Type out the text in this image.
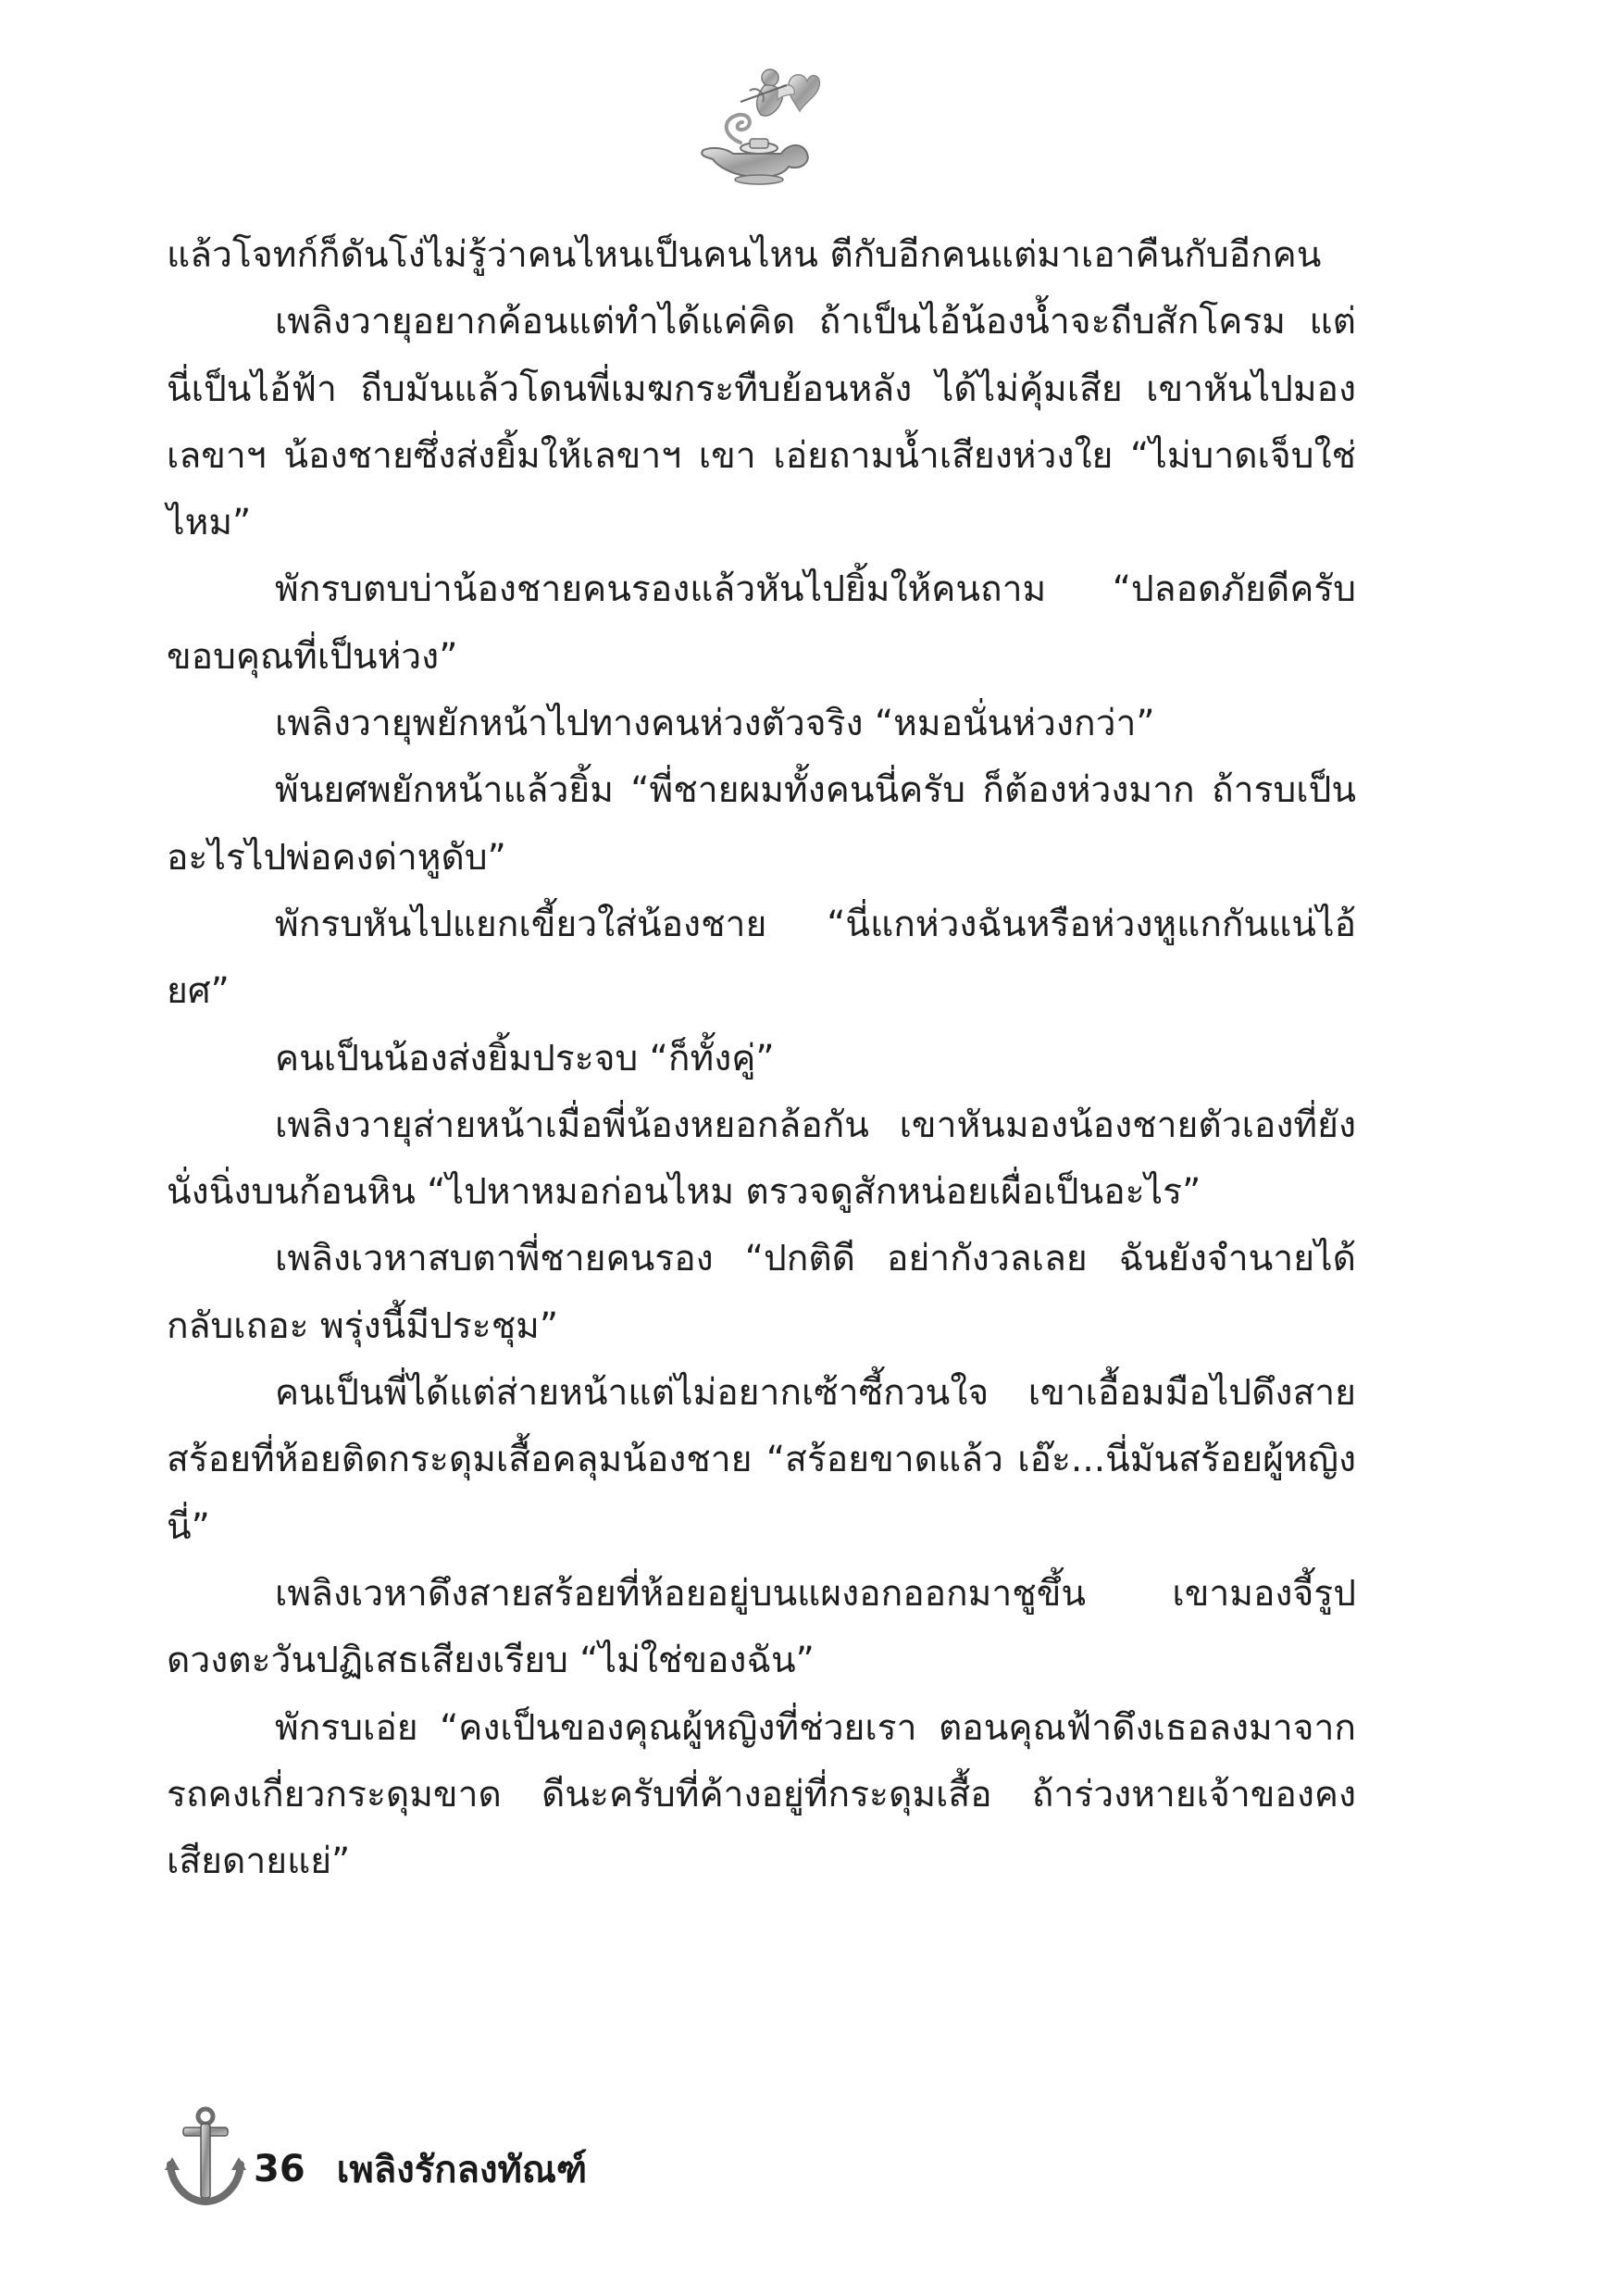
แล้วโจทก์ก็ดันโง่ไม่รู้ว่าคนไหนเป็นคนไหน ตีกับอีกคนแต่มาเอาคืนกับอีกคน

เพลิงวายุอยากค้อนแต่ทำได้แค่คิด ถ้าเป็นไอ้น้องน้ำจะถีบสักโครม แต่นี่เป็นไอ้ฟ้า ถีบมันแล้วโดนพี่เมฆกระทืบย้อนหลัง ได้ไม่คุ้มเสีย เขาหันไปมองเลขาฯ น้องชายซึ่งส่งยิ้มให้เลขาฯ เขา เอ่ยถามน้ำเสียงห่วงใย “ไม่บาดเจ็บใช่ไหม”

พักรบตบบ่าน้องชายคนรองแล้วหันไปยิ้มให้คนถาม “ปลอดภัยดีครับ ขอบคุณที่เป็นห่วง”

เพลิงวายุพยักหน้าไปทางคนห่วงตัวจริง “หมอนั่นห่วงกว่า”

พันยศพยักหน้าแล้วยิ้ม “พี่ชายผมทั้งคนนี่ครับ ก็ต้องห่วงมาก ถ้ารบเป็นอะไรไปพ่อคงด่าหูดับ”

พักรบหันไปแยกเขี้ยวใส่น้องชาย “นี่แกห่วงฉันหรือห่วงหูแกกันแน่ไอ้ยศ”

คนเป็นน้องส่งยิ้มประจบ “ก็ทั้งคู่”

เพลิงวายุส่ายหน้าเมื่อพี่น้องหยอกล้อกัน เขาหันมองน้องชายตัวเองที่ยังนั่งนิ่งบนก้อนหิน “ไปหาหมอก่อนไหม ตรวจดูสักหน่อยเผื่อเป็นอะไร”

เพลิงเวหาสบตาพี่ชายคนรอง “ปกติดี อย่ากังวลเลย ฉันยังจำนายได้ กลับเถอะ พรุ่งนี้มีประชุม”

คนเป็นพี่ได้แต่ส่ายหน้าแต่ไม่อยากเซ้าซี้กวนใจ เขาเอื้อมมือไปดึงสายสร้อยที่ห้อยติดกระดุมเสื้อคลุมน้องชาย “สร้อยขาดแล้ว เอ๊ะ...นี่มันสร้อยผู้หญิงนี่”

เพลิงเวหาดึงสายสร้อยที่ห้อยอยู่บนแผงอกออกมาชูขึ้น เขามองจี้รูปดวงตะวันปฏิเสธเสียงเรียบ “ไม่ใช่ของฉัน”

พักรบเอ่ย “คงเป็นของคุณผู้หญิงที่ช่วยเรา ตอนคุณฟ้าดึงเธอลงมาจากรถคงเกี่ยวกระดุมขาด ดีนะครับที่ค้างอยู่ที่กระดุมเสื้อ ถ้าร่วงหายเจ้าของคงเสียดายแย่”

36 เพลิงรักลงทัณฑ์
